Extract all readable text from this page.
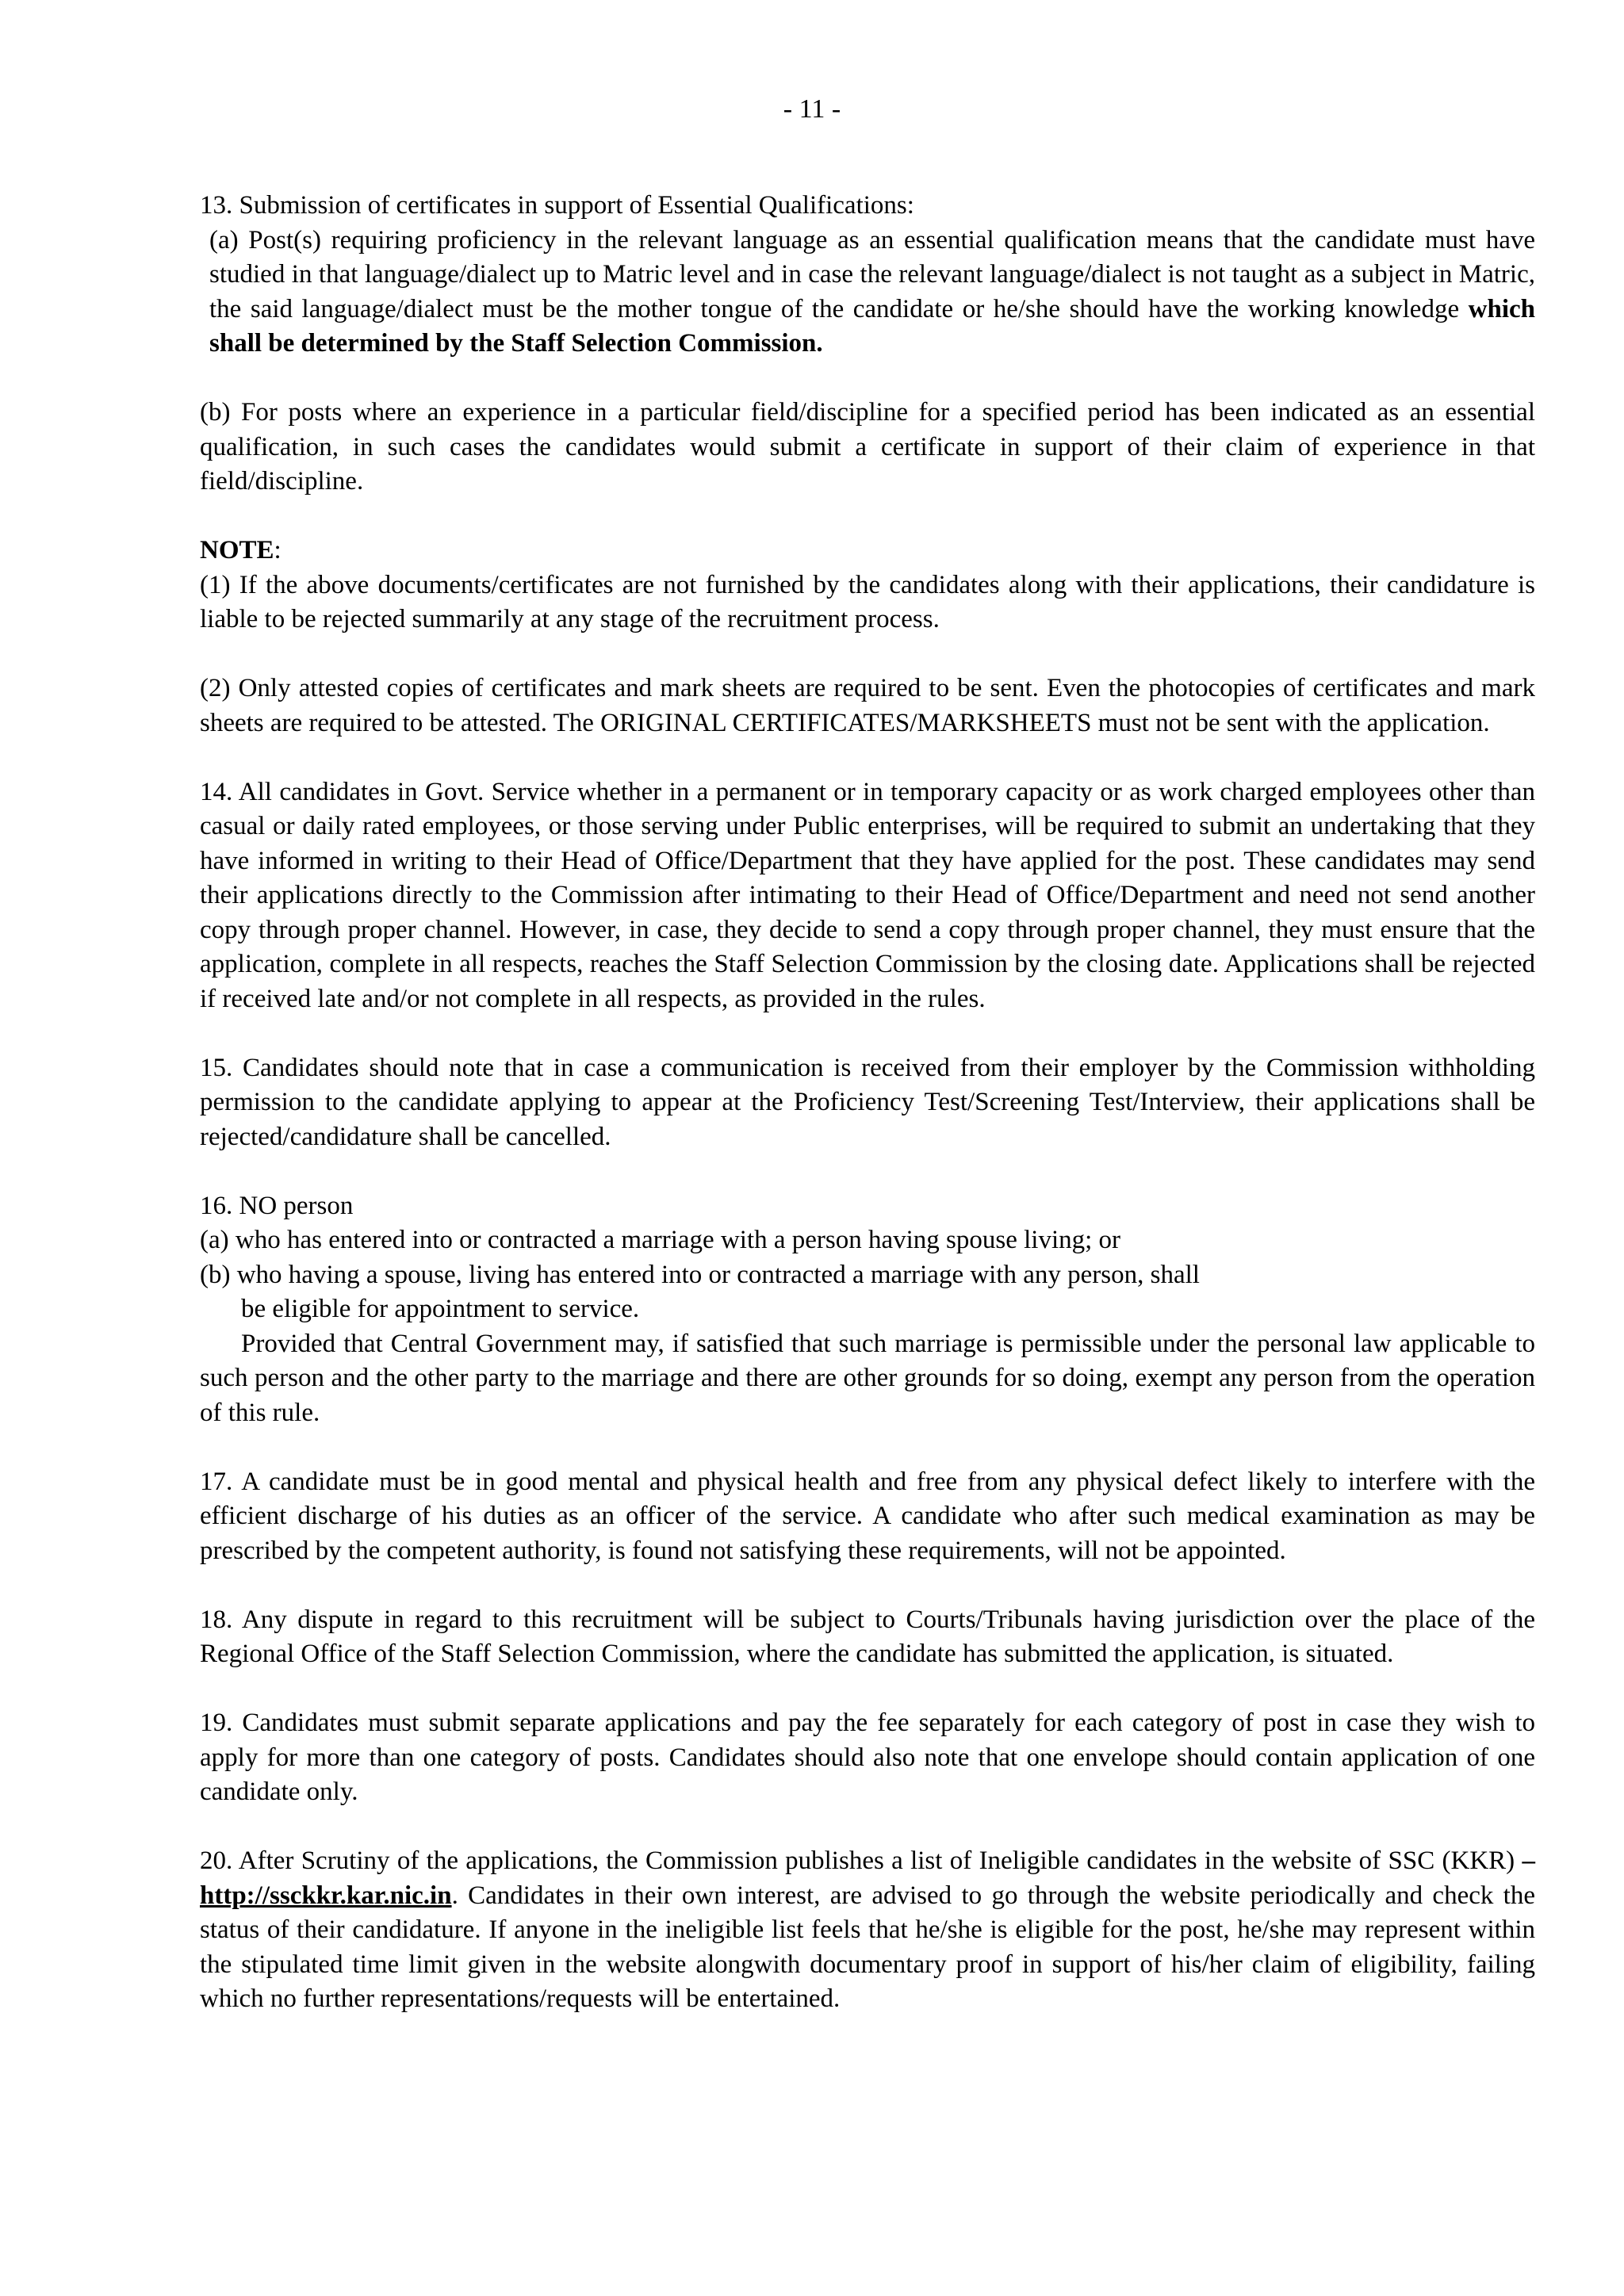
- 11 -

13. Submission of certificates in support of Essential Qualifications:

(a) Post(s) requiring proficiency in the relevant language as an essential qualification means that the candidate must have studied in that language/dialect up to Matric level and in case the relevant language/dialect is not taught as a subject in Matric, the said language/dialect must be the mother tongue of the candidate or he/she should have the working knowledge which shall be determined by the Staff Selection Commission.

(b) For posts where an experience in a particular field/discipline for a specified period has been indicated as an essential qualification, in such cases the candidates would submit a certificate in support of their claim of experience in that field/discipline.

NOTE:

(1) If the above documents/certificates are not furnished by the candidates along with their applications, their candidature is liable to be rejected summarily at any stage of the recruitment process.

(2) Only attested copies of certificates and mark sheets are required to be sent. Even the photocopies of certificates and mark sheets are required to be attested. The ORIGINAL CERTIFICATES/MARKSHEETS must not be sent with the application.

14. All candidates in Govt. Service whether in a permanent or in temporary capacity or as work charged employees other than casual or daily rated employees, or those serving under Public enterprises, will be required to submit an undertaking that they have informed in writing to their Head of Office/Department that they have applied for the post. These candidates may send their applications directly to the Commission after intimating to their Head of Office/Department and need not send another copy through proper channel. However, in case, they decide to send a copy through proper channel, they must ensure that the application, complete in all respects, reaches the Staff Selection Commission by the closing date. Applications shall be rejected if received late and/or not complete in all respects, as provided in the rules.

15. Candidates should note that in case a communication is received from their employer by the Commission withholding permission to the candidate applying to appear at the Proficiency Test/Screening Test/Interview, their applications shall be rejected/candidature shall be cancelled.

16. NO person

(a) who has entered into or contracted a marriage with a person having spouse living; or

(b) who having a spouse, living has entered into or contracted a marriage with any person, shall

be eligible for appointment to service.

Provided that Central Government may, if satisfied that such marriage is permissible under the personal law applicable to such person and the other party to the marriage and there are other grounds for so doing, exempt any person from the operation of this rule.

17. A candidate must be in good mental and physical health and free from any physical defect likely to interfere with the efficient discharge of his duties as an officer of the service. A candidate who after such medical examination as may be prescribed by the competent authority, is found not satisfying these requirements, will not be appointed.

18. Any dispute in regard to this recruitment will be subject to Courts/Tribunals having jurisdiction over the place of the Regional Office of the Staff Selection Commission, where the candidate has submitted the application, is situated.

19. Candidates must submit separate applications and pay the fee separately for each category of post in case they wish to apply for more than one category of posts. Candidates should also note that one envelope should contain application of one candidate only.

20. After Scrutiny of the applications, the Commission publishes a list of Ineligible candidates in the website of SSC (KKR) – http://ssckkr.kar.nic.in. Candidates in their own interest, are advised to go through the website periodically and check the status of their candidature. If anyone in the ineligible list feels that he/she is eligible for the post, he/she may represent within the stipulated time limit given in the website alongwith documentary proof in support of his/her claim of eligibility, failing which no further representations/requests will be entertained.
